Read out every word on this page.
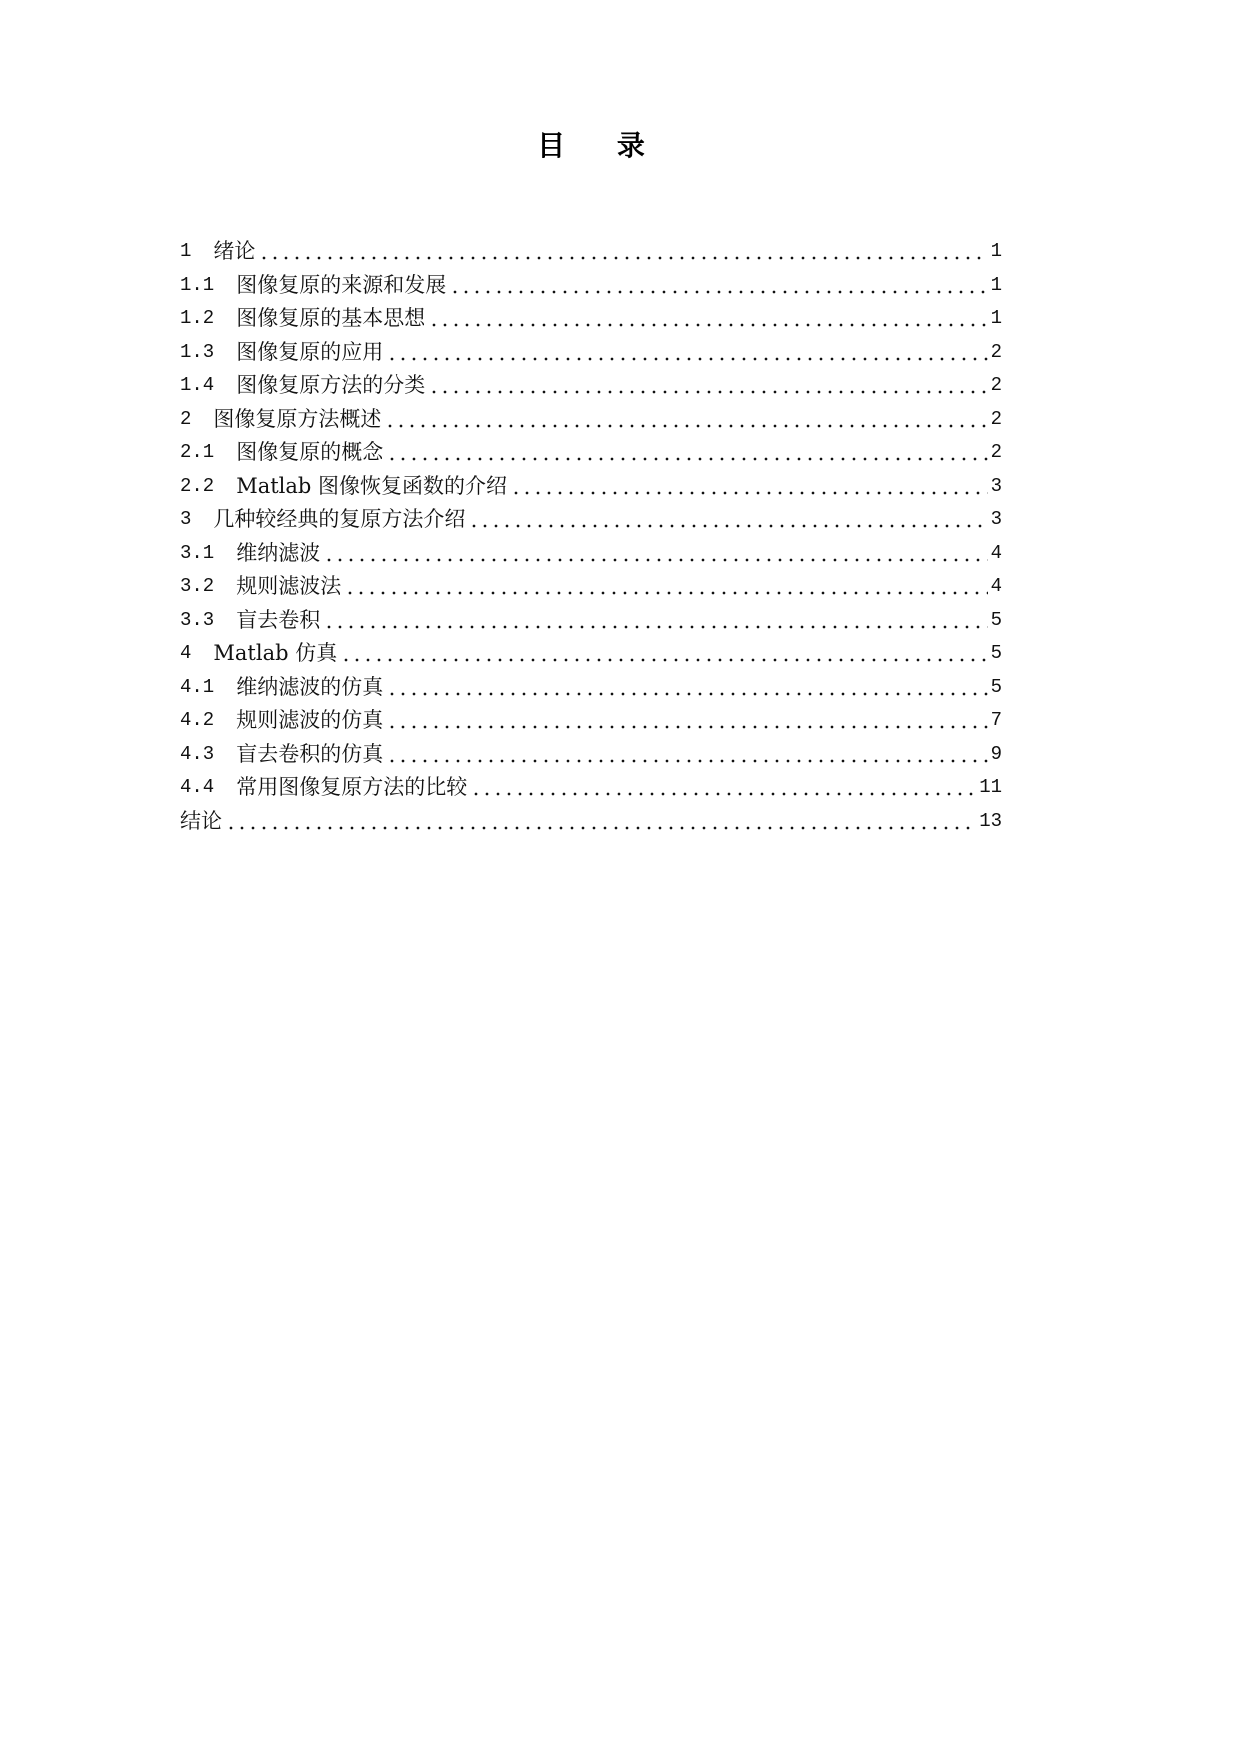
目 录
1 绪论	1
1.1 图像复原的来源和发展	1
1.2 图像复原的基本思想	1
1.3 图像复原的应用	2
1.4 图像复原方法的分类	2
2 图像复原方法概述	2
2.1 图像复原的概念	2
2.2 Matlab 图像恢复函数的介绍	3
3 几种较经典的复原方法介绍	3
3.1 维纳滤波	4
3.2 规则滤波法	4
3.3 盲去卷积	5
4 Matlab 仿真	5
4.1 维纳滤波的仿真	5
4.2 规则滤波的仿真	7
4.3 盲去卷积的仿真	9
4.4 常用图像复原方法的比较	11
结论	13
